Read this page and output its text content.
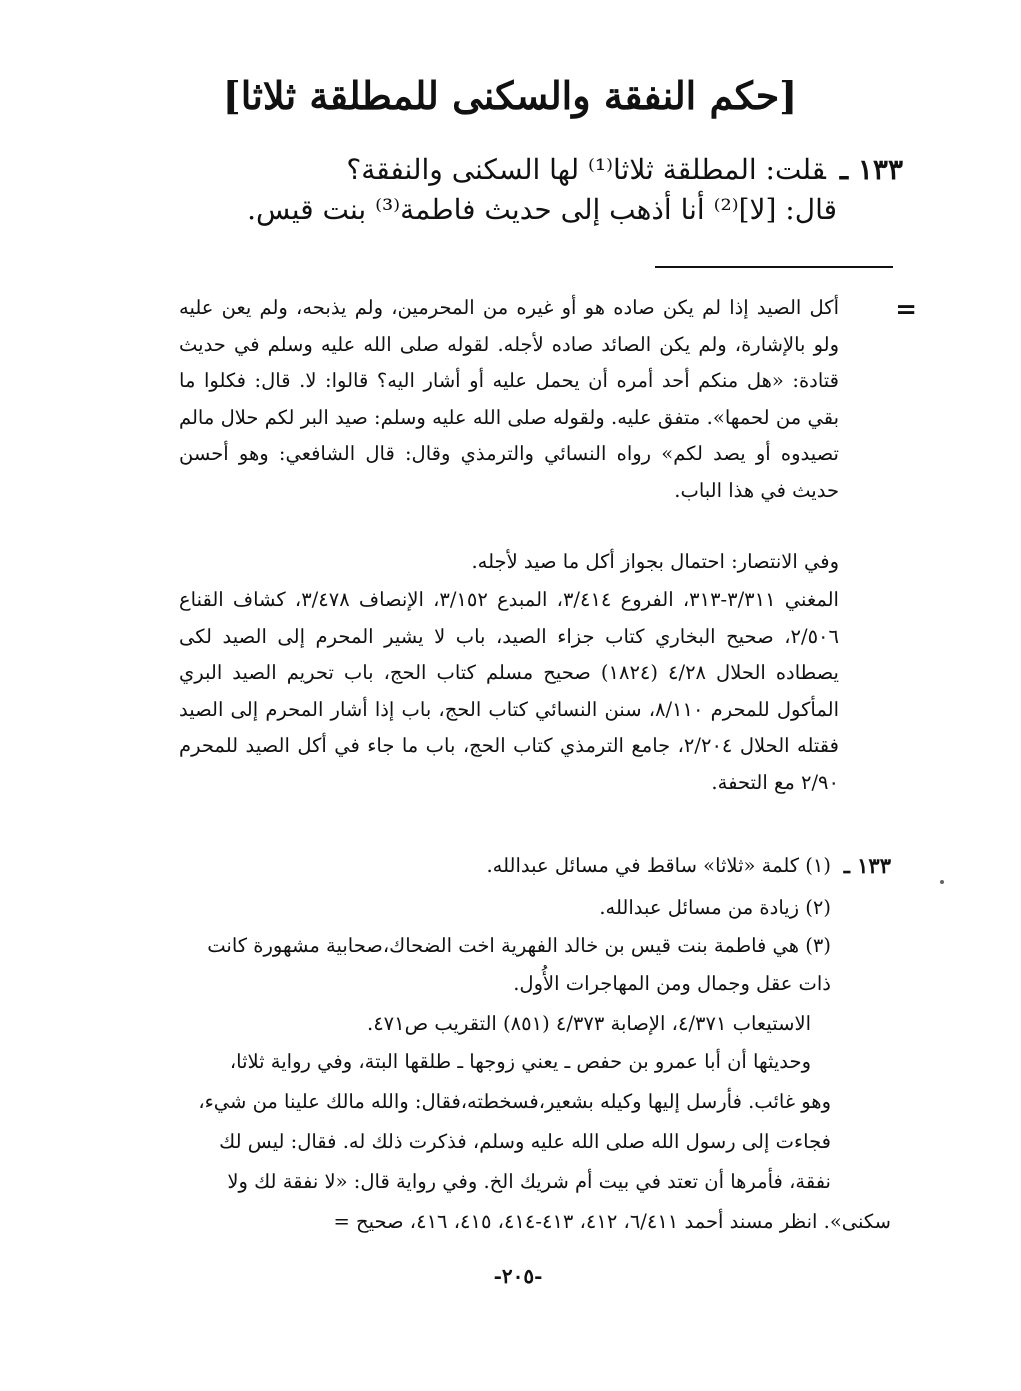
[حكم النفقة والسكنى للمطلقة ثلاثا]
١٣٣ ـقلت: المطلقة ثلاثا⁽¹⁾ لها السكنى والنفقة؟
قال: [لا]⁽²⁾ أنا أذهب إلى حديث فاطمة⁽³⁾ بنت قيس.
=

أكل الصيد إذا لم يكن صاده هو أو غيره من المحرمين، ولم يذبحه، ولم يعن عليه ولو بالإشارة، ولم يكن الصائد صاده لأجله. لقوله صلى الله عليه وسلم في حديث قتادة: «هل منكم أحد أمره أن يحمل عليه أو أشار اليه؟ قالوا: لا. قال: فكلوا ما بقي من لحمها». متفق عليه. ولقوله صلى الله عليه وسلم: صيد البر لكم حلال مالم تصيدوه أو يصد لكم» رواه النسائي والترمذي وقال: قال الشافعي: وهو أحسن حديث في هذا الباب.

وفي الانتصار: احتمال بجواز أكل ما صيد لأجله.

المغني ٣/٣١١-٣١٣، الفروع ٣/٤١٤، المبدع ٣/١٥٢، الإنصاف ٣/٤٧٨، كشاف القناع ٢/٥٠٦، صحيح البخاري كتاب جزاء الصيد، باب لا يشير المحرم إلى الصيد لكى يصطاده الحلال ٤/٢٨ (١٨٢٤) صحيح مسلم كتاب الحج، باب تحريم الصيد البري المأكول للمحرم ٨/١١٠، سنن النسائي كتاب الحج، باب إذا أشار المحرم إلى الصيد فقتله الحلال ٢/٢٠٤، جامع الترمذي كتاب الحج، باب ما جاء في أكل الصيد للمحرم ٢/٩٠ مع التحفة.

١٣٣ ـ
(١) كلمة «ثلاثا» ساقط في مسائل عبدالله.
(٢) زيادة من مسائل عبدالله.
(٣) هي فاطمة بنت قيس بن خالد الفهرية اخت الضحاك،صحابية مشهورة كانت
ذات عقل وجمال ومن المهاجرات الأُول.
الاستيعاب ٤/٣٧١، الإصابة ٤/٣٧٣ (٨٥١) التقريب ص٤٧١.
وحديثها أن أبا عمرو بن حفص ـ يعني زوجها ـ طلقها البتة، وفي رواية ثلاثا،
وهو غائب. فأرسل إليها وكيله بشعير،فسخطته،فقال: والله مالك علينا من شيء،
فجاءت إلى رسول الله صلى الله عليه وسلم، فذكرت ذلك له. فقال: ليس لك
نفقة، فأمرها أن تعتد في بيت أم شريك الخ. وفي رواية قال: «لا نفقة لك ولا
سكنى». انظر مسند أحمد ٦/٤١١، ٤١٢، ٤١٣-٤١٤، ٤١٥، ٤١٦، صحيح =
-٢٠٥-
